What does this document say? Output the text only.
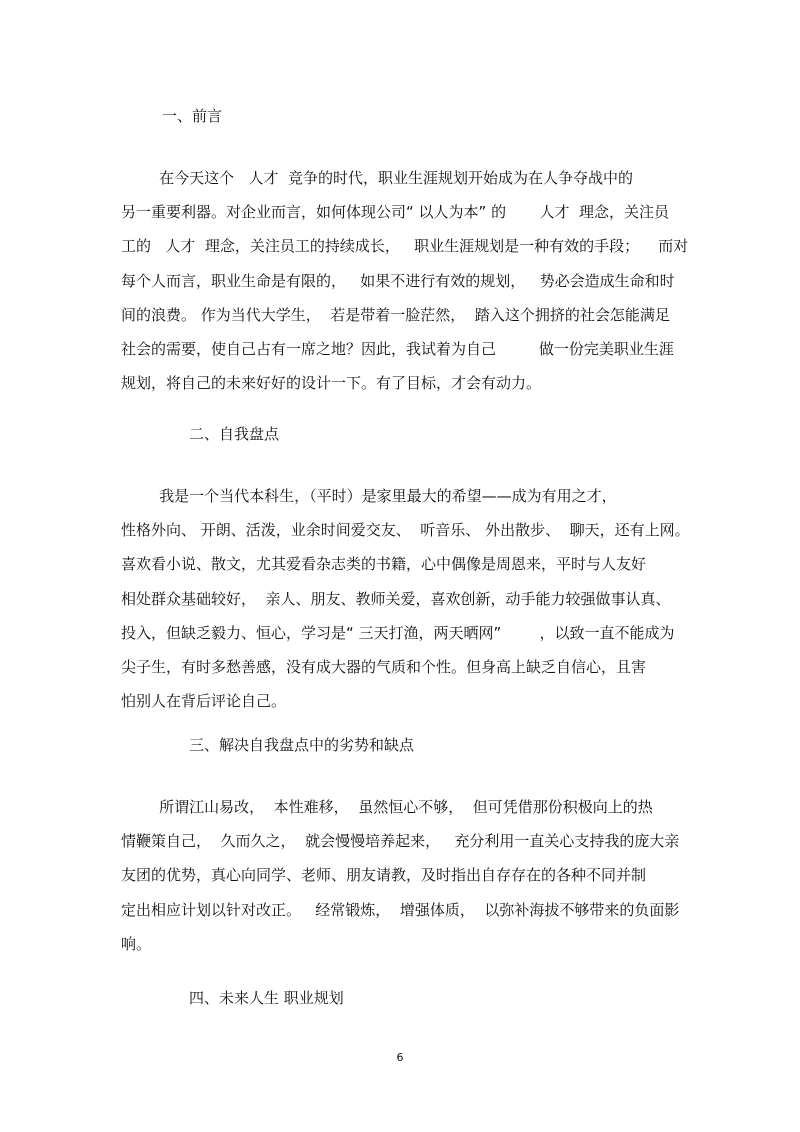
一、前言
在今天这个   人才  竞争的时代，职业生涯规划开始成为在人争夺战中的
另一重要利器。对企业而言，如何体现公司“ 以人为本” 的       人才  理念，关注员
工的   人才  理念，关注员工的持续成长，   职业生涯规划是一种有效的手段；    而对
每个人而言，职业生命是有限的，   如果不进行有效的规划，   势必会造成生命和时
间的浪费。 作为当代大学生，  若是带着一脸茫然，  踏入这个拥挤的社会怎能满足
社会的需要，使自己占有一席之地？因此，我试着为自己         做一份完美职业生涯
规划，将自己的未来好好的设计一下。有了目标，才会有动力。
二、自我盘点
我是一个当代本科生，（平时）是家里最大的希望——成为有用之才，
性格外向、 开朗、活泼，业余时间爱交友、  听音乐、 外出散步、  聊天，还有上网。
喜欢看小说、散文，尤其爱看杂志类的书籍，心中偶像是周恩来，平时与人友好
相处群众基础较好，  亲人、朋友、教师关爱，喜欢创新，动手能力较强做事认真、
投入，但缺乏毅力、恒心，学习是“ 三天打渔，两天晒网”        ，以致一直不能成为
尖子生，有时多愁善感，没有成大器的气质和个性。但身高上缺乏自信心，且害
怕别人在背后评论自己。
三、解决自我盘点中的劣势和缺点
所谓江山易改，  本性难移，  虽然恒心不够，  但可凭借那份积极向上的热
情鞭策自己，  久而久之，  就会慢慢培养起来，   充分利用一直关心支持我的庞大亲
友团的优势，真心向同学、老师、朋友请教，及时指出自存存在的各种不同并制
定出相应计划以针对改正。   经常锻炼，  增强体质，  以弥补海拔不够带来的负面影
响。
四、未来人生 职业规划
6
